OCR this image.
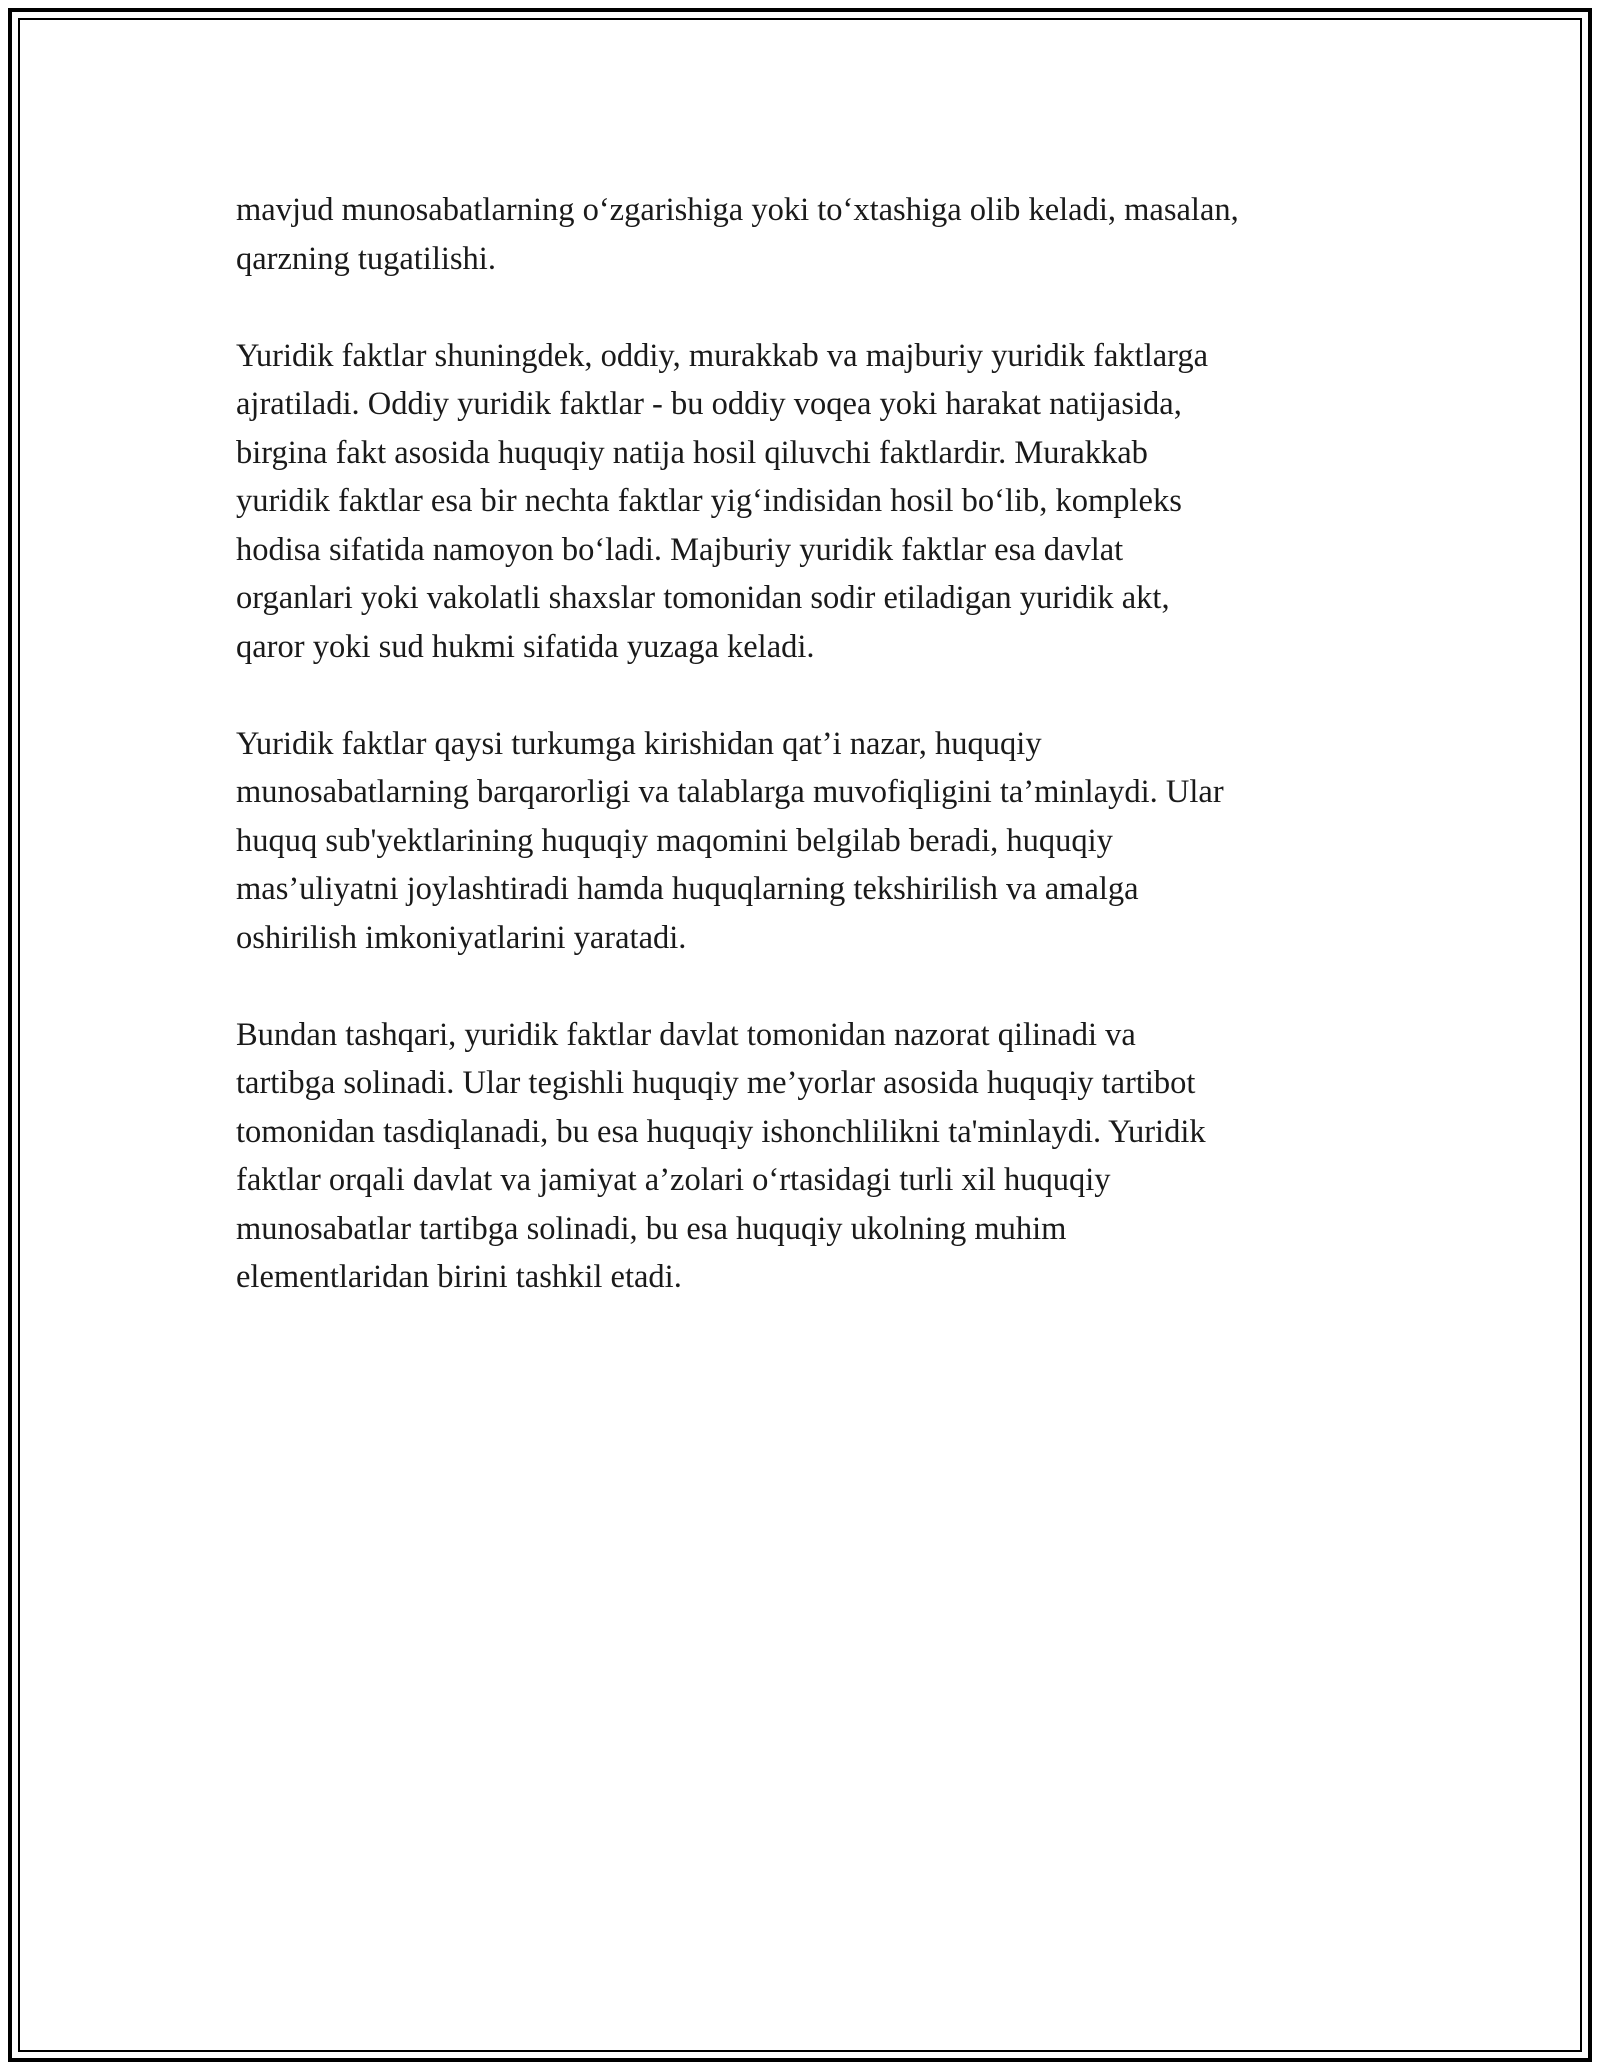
mavjud munosabatlarning o‘zgarishiga yoki to‘xtashiga olib keladi, masalan,
qarzning tugatilishi.

Yuridik faktlar shuningdek, oddiy, murakkab va majburiy yuridik faktlarga
ajratiladi. Oddiy yuridik faktlar - bu oddiy voqea yoki harakat natijasida,
birgina fakt asosida huquqiy natija hosil qiluvchi faktlardir. Murakkab
yuridik faktlar esa bir nechta faktlar yig‘indisidan hosil bo‘lib, kompleks
hodisa sifatida namoyon bo‘ladi. Majburiy yuridik faktlar esa davlat
organlari yoki vakolatli shaxslar tomonidan sodir etiladigan yuridik akt,
qaror yoki sud hukmi sifatida yuzaga keladi.

Yuridik faktlar qaysi turkumga kirishidan qat’i nazar, huquqiy
munosabatlarning barqarorligi va talablarga muvofiqligini ta’minlaydi. Ular
huquq sub'yektlarining huquqiy maqomini belgilab beradi, huquqiy
mas’uliyatni joylashtiradi hamda huquqlarning tekshirilish va amalga
oshirilish imkoniyatlarini yaratadi.

Bundan tashqari, yuridik faktlar davlat tomonidan nazorat qilinadi va
tartibga solinadi. Ular tegishli huquqiy me’yorlar asosida huquqiy tartibot
tomonidan tasdiqlanadi, bu esa huquqiy ishonchlilikni ta'minlaydi. Yuridik
faktlar orqali davlat va jamiyat a’zolari o‘rtasidagi turli xil huquqiy
munosabatlar tartibga solinadi, bu esa huquqiy ukolning muhim
elementlaridan birini tashkil etadi.
